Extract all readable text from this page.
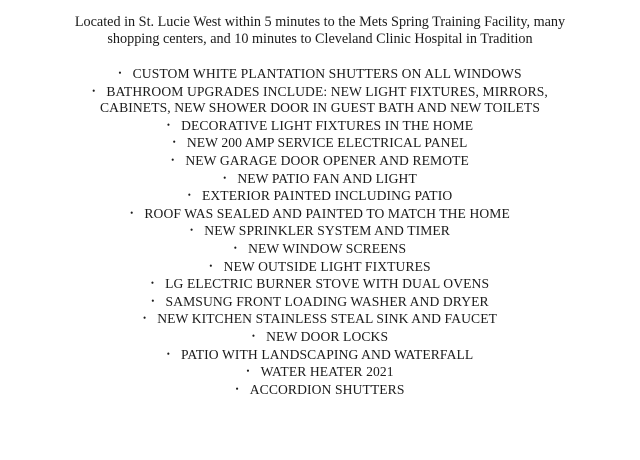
Located in St. Lucie West within 5 minutes to the Mets Spring Training Facility, many
shopping centers, and 10 minutes to Cleveland Clinic Hospital in Tradition
• CUSTOM WHITE PLANTATION SHUTTERS ON ALL WINDOWS
• BATHROOM UPGRADES INCLUDE: NEW LIGHT FIXTURES, MIRRORS,
CABINETS, NEW SHOWER DOOR IN GUEST BATH AND NEW TOILETS
• DECORATIVE LIGHT FIXTURES IN THE HOME
• NEW 200 AMP SERVICE ELECTRICAL PANEL
• NEW GARAGE DOOR OPENER AND REMOTE
• NEW PATIO FAN AND LIGHT
• EXTERIOR PAINTED INCLUDING PATIO
• ROOF WAS SEALED AND PAINTED TO MATCH THE HOME
• NEW SPRINKLER SYSTEM AND TIMER
• NEW WINDOW SCREENS
• NEW OUTSIDE LIGHT FIXTURES
• LG ELECTRIC BURNER STOVE WITH DUAL OVENS
• SAMSUNG FRONT LOADING WASHER AND DRYER
• NEW KITCHEN STAINLESS STEAL SINK AND FAUCET
• NEW DOOR LOCKS
• PATIO WITH LANDSCAPING AND WATERFALL
• WATER HEATER 2021
• ACCORDION SHUTTERS
